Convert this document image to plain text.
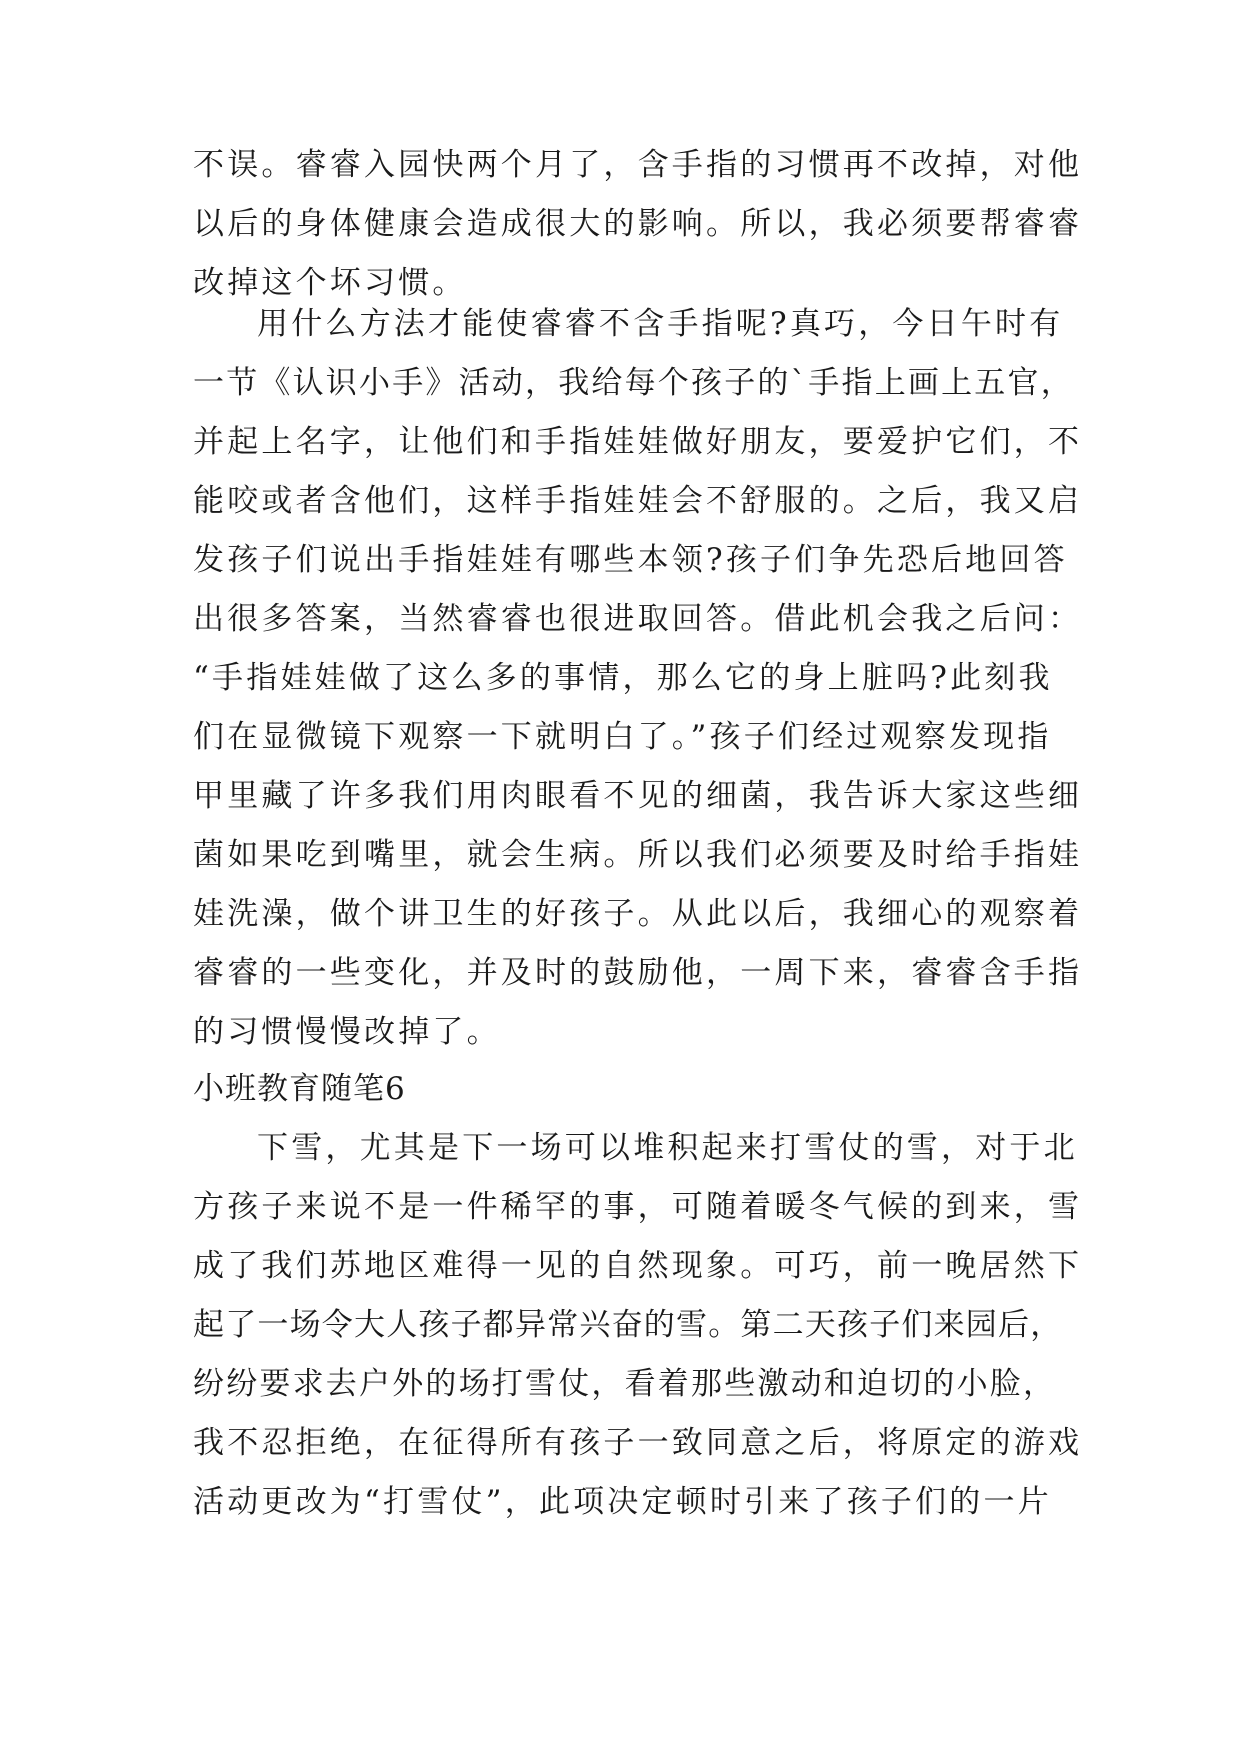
不误。睿睿入园快两个月了，含手指的习惯再不改掉，对他
以后的身体健康会造成很大的影响。所以，我必须要帮睿睿
改掉这个坏习惯。
用什么方法才能使睿睿不含手指呢?真巧，今日午时有
一节《认识小手》活动，我给每个孩子的`手指上画上五官，
并起上名字，让他们和手指娃娃做好朋友，要爱护它们，不
能咬或者含他们，这样手指娃娃会不舒服的。之后，我又启
发孩子们说出手指娃娃有哪些本领?孩子们争先恐后地回答
出很多答案，当然睿睿也很进取回答。借此机会我之后问：
“手指娃娃做了这么多的事情，那么它的身上脏吗?此刻我
们在显微镜下观察一下就明白了。”孩子们经过观察发现指
甲里藏了许多我们用肉眼看不见的细菌，我告诉大家这些细
菌如果吃到嘴里，就会生病。所以我们必须要及时给手指娃
娃洗澡，做个讲卫生的好孩子。从此以后，我细心的观察着
睿睿的一些变化，并及时的鼓励他，一周下来，睿睿含手指
的习惯慢慢改掉了。
小班教育随笔6
下雪，尤其是下一场可以堆积起来打雪仗的雪，对于北
方孩子来说不是一件稀罕的事，可随着暖冬气候的到来，雪
成了我们苏地区难得一见的自然现象。可巧，前一晚居然下
起了一场令大人孩子都异常兴奋的雪。第二天孩子们来园后，
纷纷要求去户外的场打雪仗，看着那些激动和迫切的小脸，
我不忍拒绝，在征得所有孩子一致同意之后，将原定的游戏
活动更改为“打雪仗”，此项决定顿时引来了孩子们的一片
